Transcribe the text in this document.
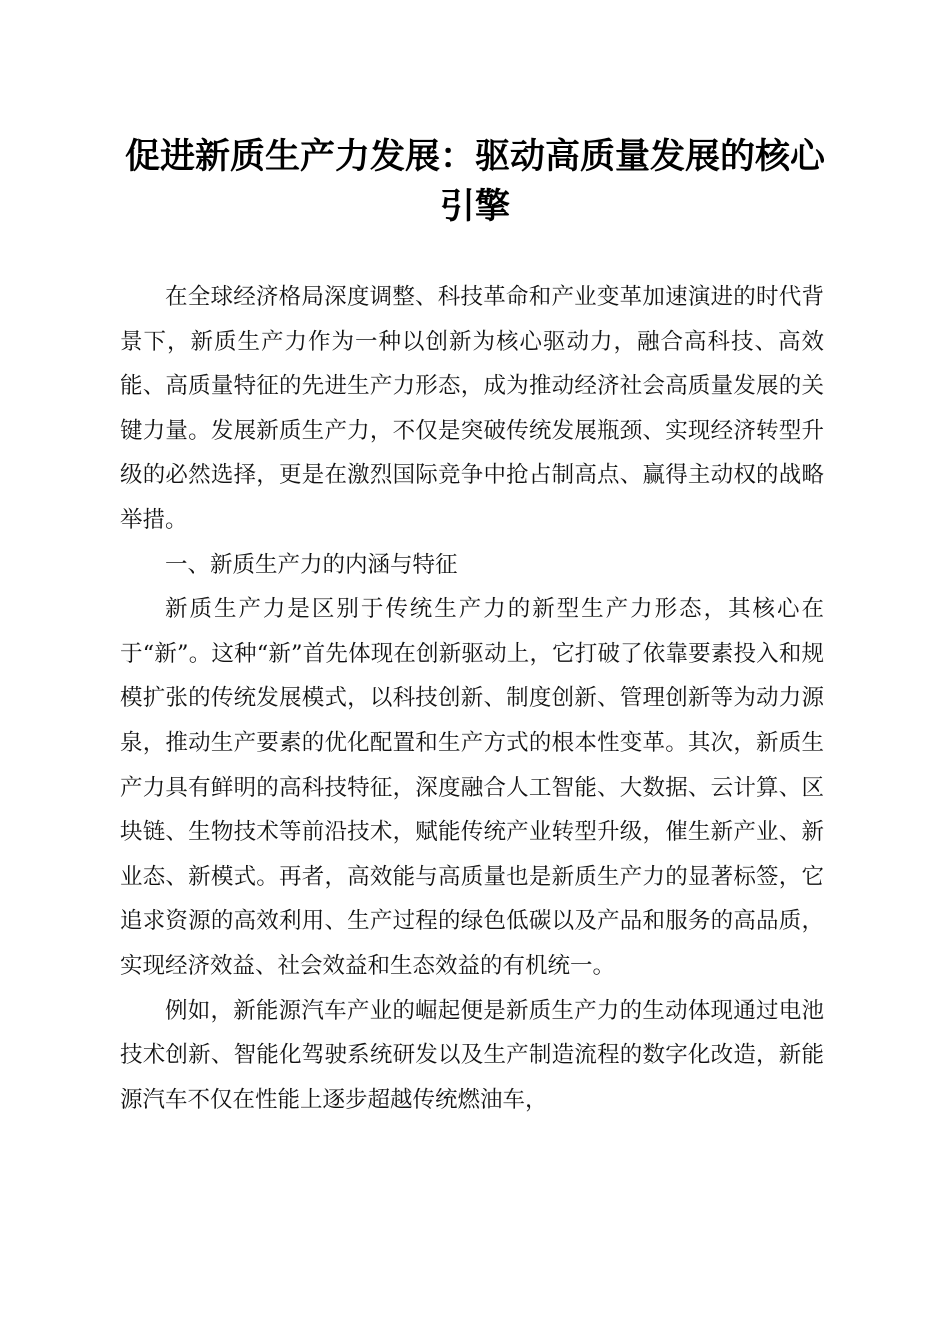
促进新质生产力发展：驱动高质量发展的核心引擎

在全球经济格局深度调整、科技革命和产业变革加速演进的时代背景下，新质生产力作为一种以创新为核心驱动力，融合高科技、高效能、高质量特征的先进生产力形态，成为推动经济社会高质量发展的关键力量。发展新质生产力，不仅是突破传统发展瓶颈、实现经济转型升级的必然选择，更是在激烈国际竞争中抢占制高点、赢得主动权的战略举措。

一、新质生产力的内涵与特征

新质生产力是区别于传统生产力的新型生产力形态，其核心在于“新”。这种“新”首先体现在创新驱动上，它打破了依靠要素投入和规模扩张的传统发展模式，以科技创新、制度创新、管理创新等为动力源泉，推动生产要素的优化配置和生产方式的根本性变革。其次，新质生产力具有鲜明的高科技特征，深度融合人工智能、大数据、云计算、区块链、生物技术等前沿技术，赋能传统产业转型升级，催生新产业、新业态、新模式。再者，高效能与高质量也是新质生产力的显著标签，它追求资源的高效利用、生产过程的绿色低碳以及产品和服务的高品质，实现经济效益、社会效益和生态效益的有机统一。

例如，新能源汽车产业的崛起便是新质生产力的生动体现通过电池技术创新、智能化驾驶系统研发以及生产制造流程的数字化改造，新能源汽车不仅在性能上逐步超越传统燃油车，
